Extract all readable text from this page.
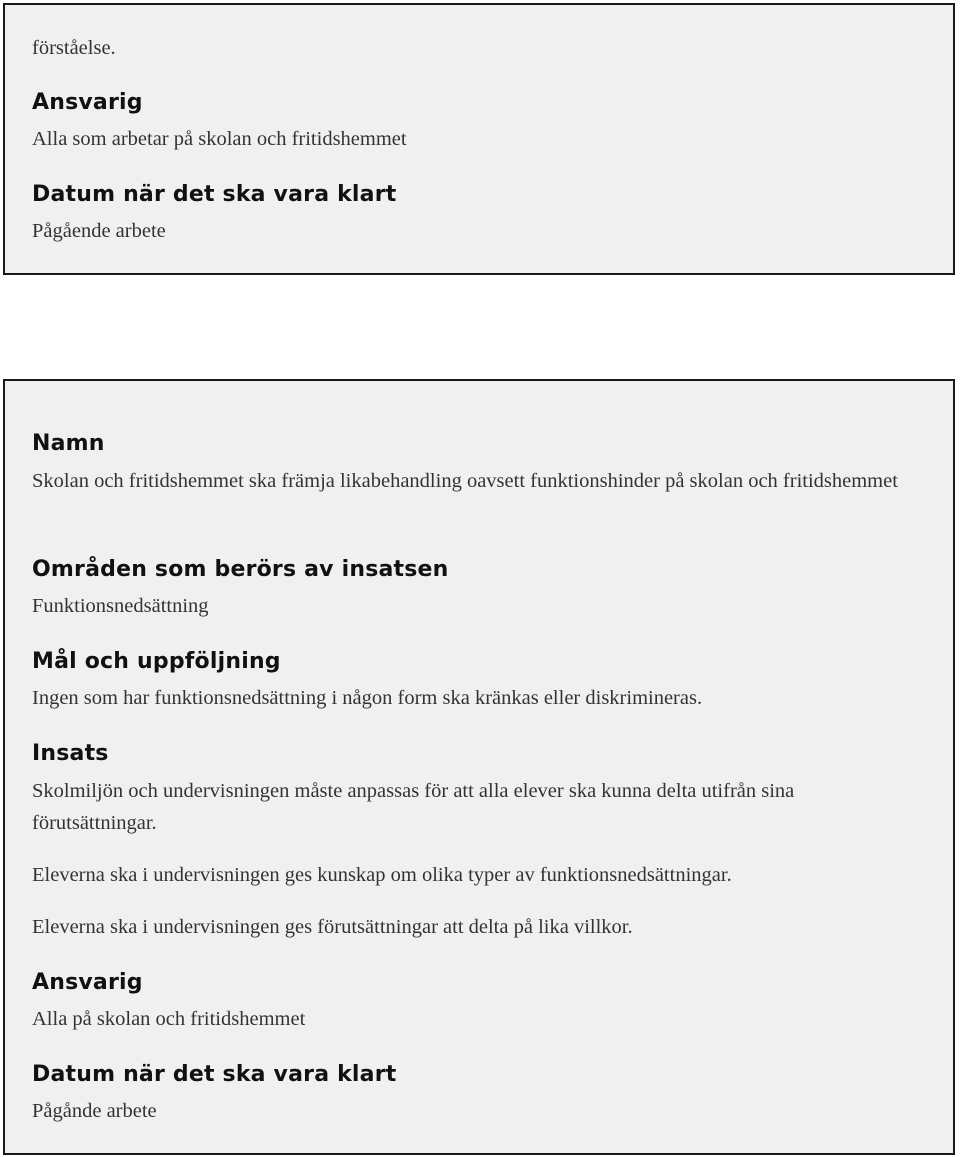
förståelse.

Ansvarig

Alla som arbetar på skolan och fritidshemmet

Datum när det ska vara klart

Pågående arbete

Namn

Skolan och fritidshemmet ska främja likabehandling oavsett funktionshinder på skolan och fritidshemmet

Områden som berörs av insatsen

Funktionsnedsättning

Mål och uppföljning

Ingen som har funktionsnedsättning i någon form ska kränkas eller diskrimineras.

Insats

Skolmiljön och undervisningen måste anpassas för att alla elever ska kunna delta utifrån sina förutsättningar.

Eleverna ska i undervisningen ges kunskap om olika typer av funktionsnedsättningar.

Eleverna ska i undervisningen ges förutsättningar att delta på lika villkor.

Ansvarig

Alla på skolan och fritidshemmet

Datum när det ska vara klart

Pågånde arbete
